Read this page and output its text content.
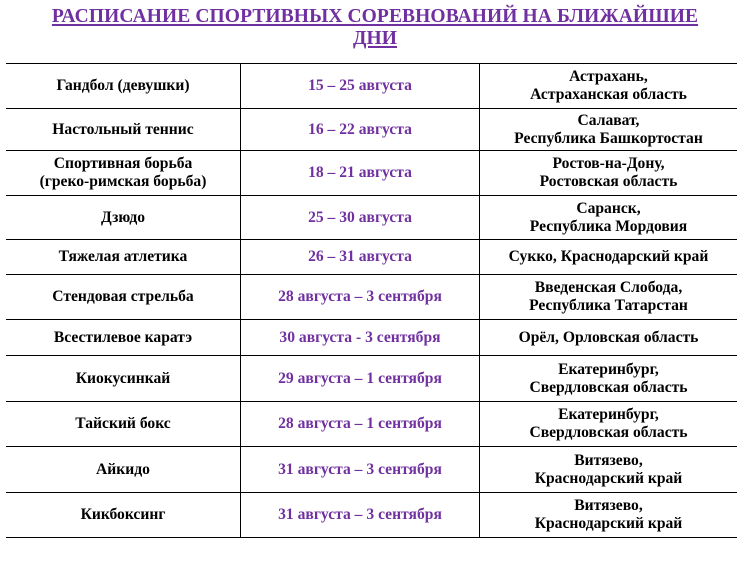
РАСПИСАНИЕ СПОРТИВНЫХ СОРЕВНОВАНИЙ НА БЛИЖАЙШИЕ
ДНИ
Гандбол (девушки)	15 – 25 августа	Астрахань,
Астраханская область

Настольный теннис	16 – 22 августа	Салават,
Республика Башкортостан

Спортивная борьба
(греко-римская борьба)	18 – 21 августа	Ростов-на-Дону,
Ростовская область

Дзюдо	25 – 30 августа	Саранск,
Республика Мордовия

Тяжелая атлетика	26 – 31 августа	Сукко, Краснодарский край

Стендовая стрельба	28 августа – 3 сентября	Введенская Слобода,
Республика Татарстан

Всестилевое каратэ	30 августа - 3 сентября	Орёл, Орловская область

Киокусинкай	29 августа – 1 сентября	Екатеринбург,
Свердловская область

Тайский бокс	28 августа – 1 сентября	Екатеринбург,
Свердловская область

Айкидо	31 августа – 3 сентября	Витязево,
Краснодарский край

Кикбоксинг	31 августа – 3 сентября	Витязево,
Краснодарский край
